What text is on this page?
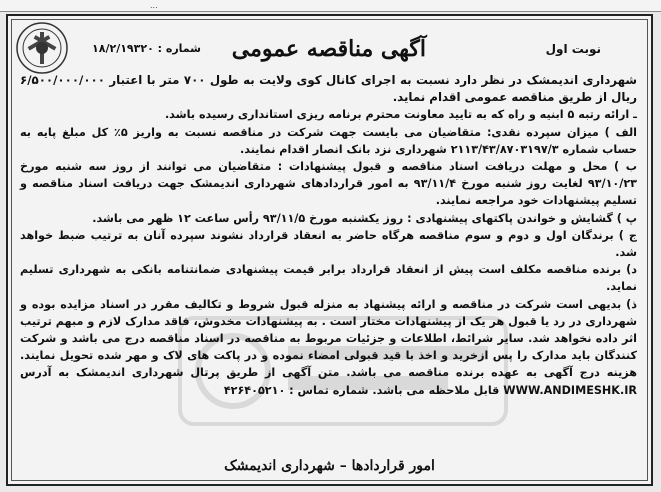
...
نوبت اول
آگهی مناقصه عمومی
شماره : ۱۸/۲/۱۹۳۲۰

شهرداری اندیمشک در نظر دارد نسبت به اجرای کانال کوی ولایت به طول ۷۰۰ متر با اعتبار ۶/۵۰۰/۰۰۰/۰۰۰ ریال از طریق مناقصه عمومی اقدام نماید.

ـ ارائه رتبه ۵ ابنیه و راه که به تایید معاونت محترم برنامه ریزی استانداری رسیده باشد.

الف ) میزان سپرده نقدی: متقاضیان می بایست جهت شرکت در مناقصه نسبت به واریز ۵٪ کل مبلغ پایه به حساب شماره ۲۱۱۳/۴۳/۸۷۰۳۱۹۷/۳ شهرداری نزد بانک انصار اقدام نمایند.

ب ) محل و مهلت دریافت اسناد مناقصه و قبول پیشنهادات : متقاضیان می توانند از روز سه شنبه مورخ ۹۳/۱۰/۲۳ لغایت روز شنبه مورخ ۹۳/۱۱/۴ به امور قراردادهای شهرداری اندیمشک جهت دریافت اسناد مناقصه و تسلیم پیشنهادات خود مراجعه نمایند.

پ ) گشایش و خواندن پاکتهای پیشنهادی : روز یکشنبه مورخ ۹۳/۱۱/۵ رأس ساعت ۱۲ ظهر می باشد.

ج ) برندگان اول و دوم و سوم مناقصه هرگاه حاضر به انعقاد قرارداد نشوند سپرده آنان به ترتیب ضبط خواهد شد.

د) برنده مناقصه مکلف است پیش از انعقاد قرارداد برابر قیمت پیشنهادی ضمانتنامه بانکی به شهرداری تسلیم نماید.

ذ) بدیهی است شرکت در مناقصه و ارائه پیشنهاد به منزله قبول شروط و تکالیف مقرر در اسناد مزایده بوده و شهرداری در رد یا قبول هر یک از پیشنهادات مختار است . به پیشنهادات مخدوش، فاقد مدارک لازم و مبهم ترتیب اثر داده نخواهد شد. سایر شرائط، اطلاعات و جزئیات مربوط به مناقصه در اسناد مناقصه درج می باشد و شرکت کنندگان باید مدارک را پس ازخرید و اخذ با قید قبولی امضاء نموده و در پاکت های لاک و مهر شده تحویل نمایند. هزینه درج آگهی به عهده برنده مناقصه می باشد. متن آگهی از طریق پرتال شهرداری اندیمشک به آدرس WWW.ANDIMESHK.IR قابل ملاحظه می باشد. شماره تماس : ۴۲۶۴۰۵۲۱۰

امور قراردادها – شهرداری اندیمشک
